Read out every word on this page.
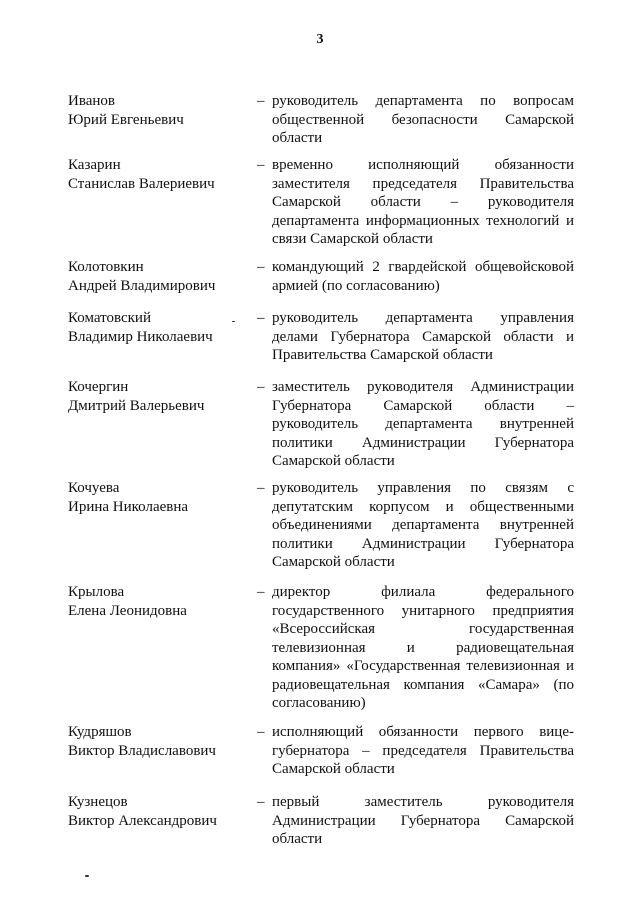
3
Иванов
Юрий Евгеньевич
– руководитель департамента по вопросам
общественной безопасности Самарской
области
Казарин
Станислав Валериевич
– временно исполняющий обязанности
заместителя председателя Правительства
Самарской области – руководителя
департамента информационных технологий и
связи Самарской области
Колотовкин
Андрей Владимирович
– командующий 2 гвардейской общевойсковой
армией (по согласованию)
Коматовский
Владимир Николаевич
– руководитель департамента управления
делами Губернатора Самарской области и
Правительства Самарской области
Кочергин
Дмитрий Валерьевич
– заместитель руководителя Администрации
Губернатора Самарской области –
руководитель департамента внутренней
политики Администрации Губернатора
Самарской области
Кочуева
Ирина Николаевна
– руководитель управления по связям с
депутатским корпусом и общественными
объединениями департамента внутренней
политики Администрации Губернатора
Самарской области
Крылова
Елена Леонидовна
– директор филиала федерального
государственного унитарного предприятия
«Всероссийская государственная
телевизионная и радиовещательная
компания» «Государственная телевизионная и
радиовещательная компания «Самара» (по
согласованию)
Кудряшов
Виктор Владиславович
– исполняющий обязанности первого вице-
губернатора – председателя Правительства
Самарской области
Кузнецов
Виктор Александрович
– первый заместитель руководителя
Администрации Губернатора Самарской
области
